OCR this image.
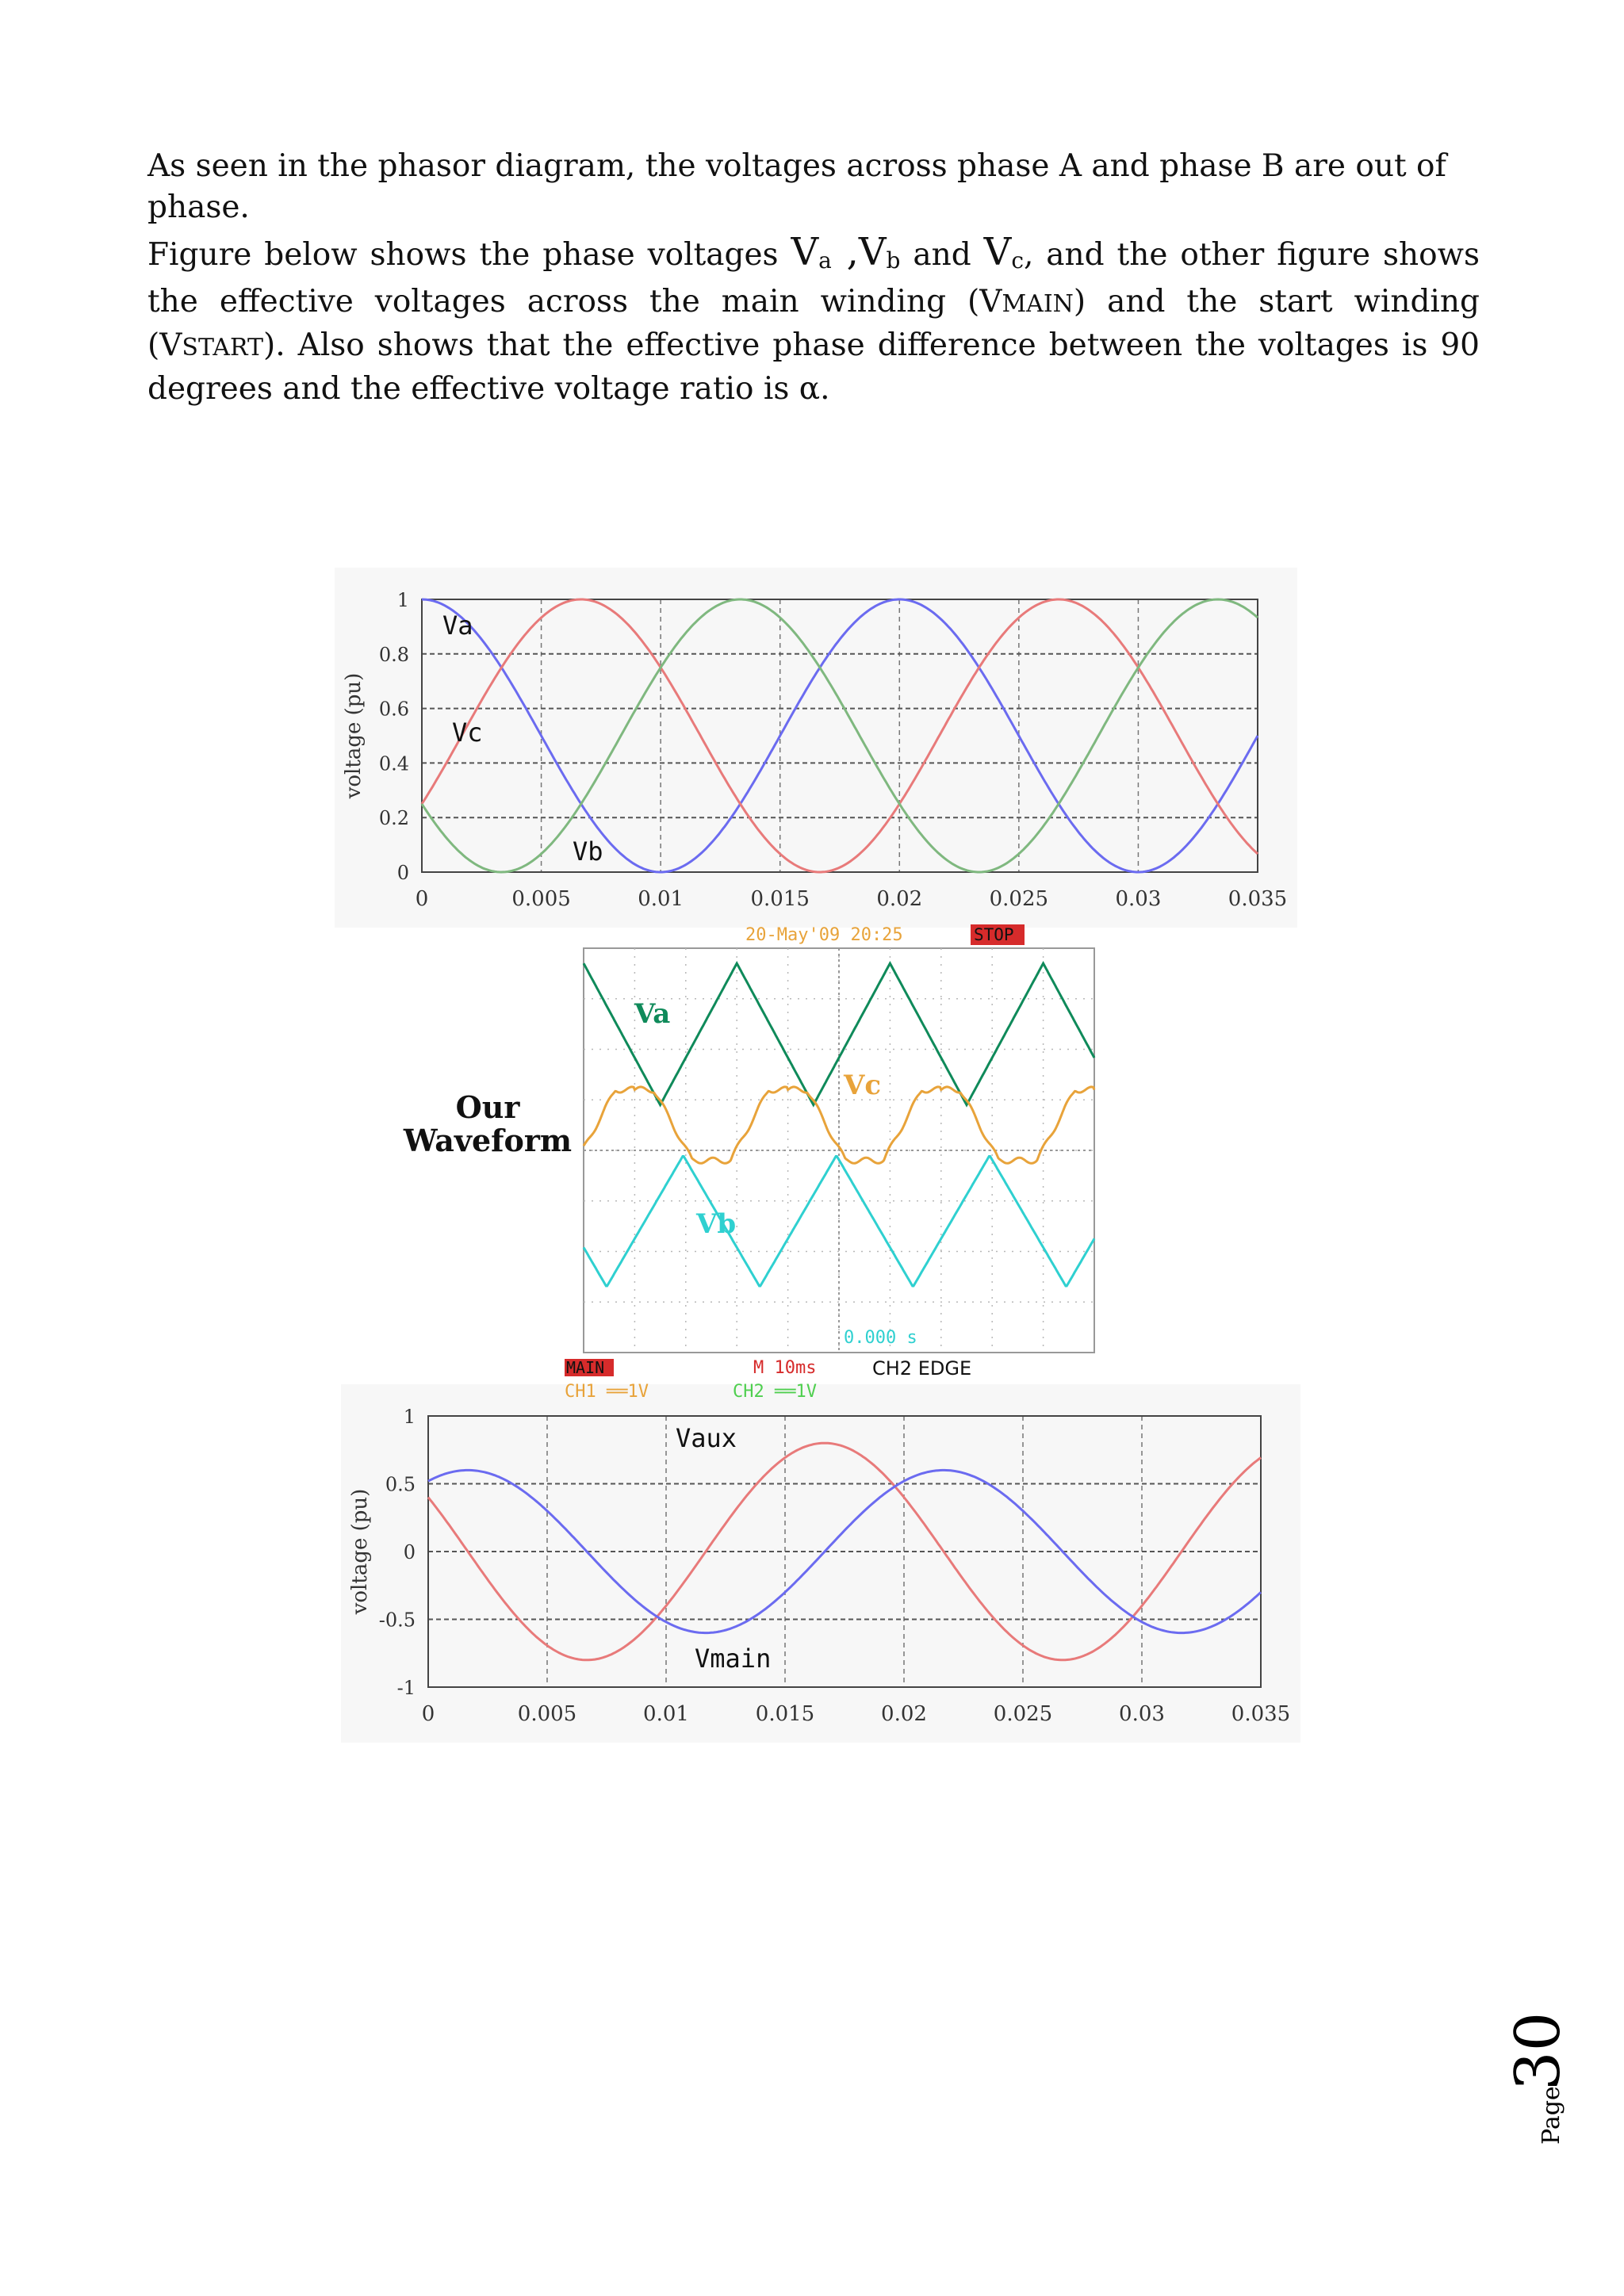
As seen in the phasor diagram, the voltages across phase A and phase B are out of phase.

Figure below shows the phase voltages $V_a$ $,V_b$ and $V_c$, and the other figure shows the effective voltages across the main winding (VMAIN) and the start winding (VSTART). Also shows that the effective phase difference between the voltages is 90 degrees and the effective voltage ratio is α.

0	0.005	0.01	0.015	0.02	0.025	0.03	0.035
1
0.8
0.6
0.4
0.2
0
voltage (pu)
Va
Vc
Vb
0	0.005	0.01	0.015	0.02	0.025	0.03	0.035
1
0.5
0
-0.5
-1
voltage (pu)
Vaux
Vmain
Va
Vc
Vb
20-May'09 20:25	STOP
0.000 s
MAIN
CH1 ══1V	CH2 ══1V
M 10ms	CH2 EDGE
Our
Waveform
Page
30
